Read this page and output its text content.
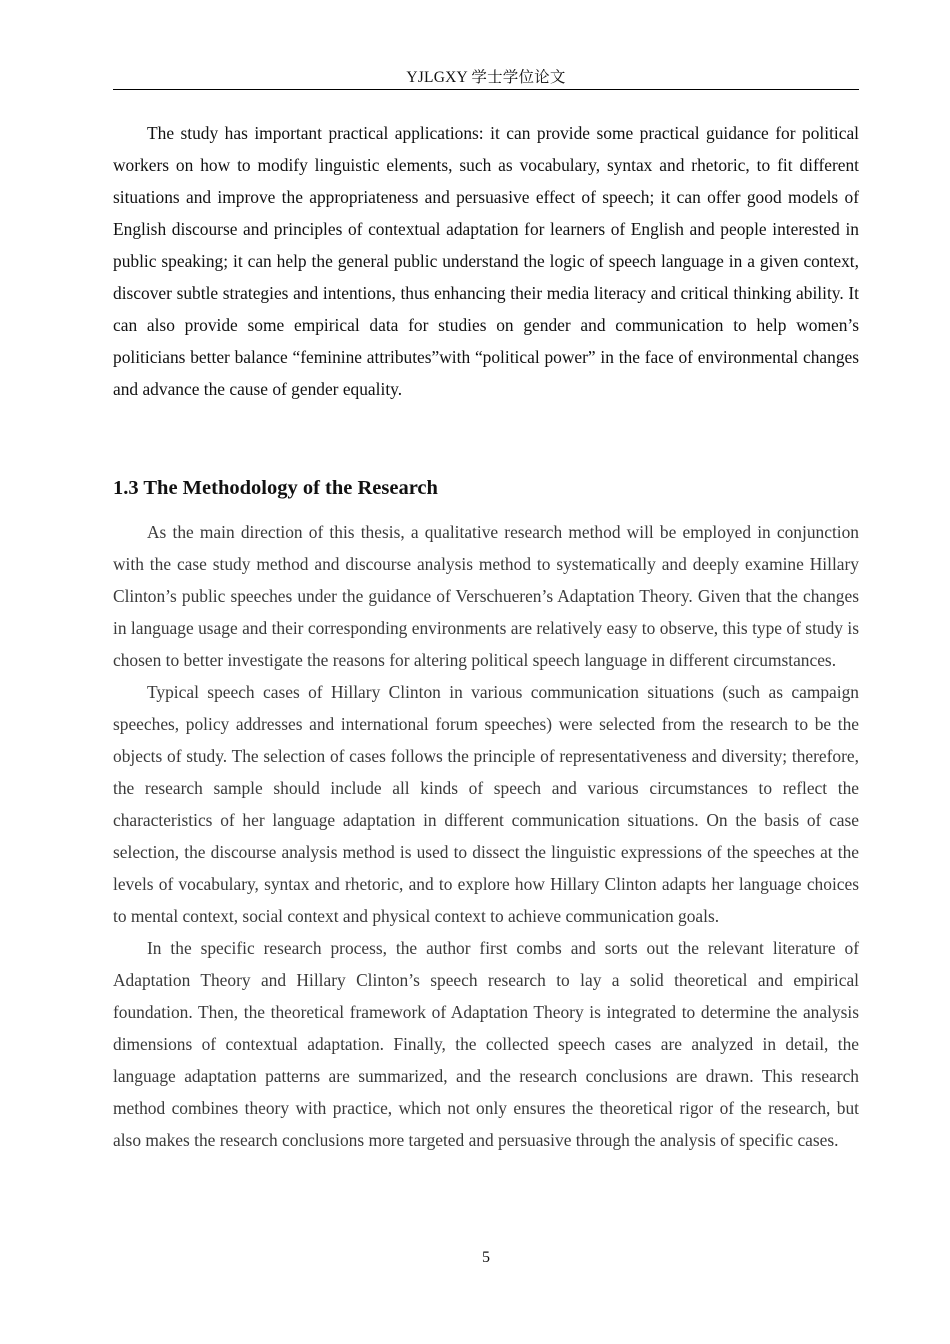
YJLGXY 学士学位论文

The study has important practical applications: it can provide some practical guidance for political workers on how to modify linguistic elements, such as vocabulary, syntax and rhetoric, to fit different situations and improve the appropriateness and persuasive effect of speech; it can offer good models of English discourse and principles of contextual adaptation for learners of English and people interested in public speaking; it can help the general public understand the logic of speech language in a given context, discover subtle strategies and intentions, thus enhancing their media literacy and critical thinking ability. It can also provide some empirical data for studies on gender and communication to help women’s politicians better balance “feminine attributes”with “political power” in the face of environmental changes and advance the cause of gender equality.

1.3 The Methodology of the Research

As the main direction of this thesis, a qualitative research method will be employed in conjunction with the case study method and discourse analysis method to systematically and deeply examine Hillary Clinton’s public speeches under the guidance of Verschueren’s Adaptation Theory. Given that the changes in language usage and their corresponding environments are relatively easy to observe, this type of study is chosen to better investigate the reasons for altering political speech language in different circumstances.

Typical speech cases of Hillary Clinton in various communication situations (such as campaign speeches, policy addresses and international forum speeches) were selected from the research to be the objects of study. The selection of cases follows the principle of representativeness and diversity; therefore, the research sample should include all kinds of speech and various circumstances to reflect the characteristics of her language adaptation in different communication situations. On the basis of case selection, the discourse analysis method is used to dissect the linguistic expressions of the speeches at the levels of vocabulary, syntax and rhetoric, and to explore how Hillary Clinton adapts her language choices to mental context, social context and physical context to achieve communication goals.

In the specific research process, the author first combs and sorts out the relevant literature of Adaptation Theory and Hillary Clinton’s speech research to lay a solid theoretical and empirical foundation. Then, the theoretical framework of Adaptation Theory is integrated to determine the analysis dimensions of contextual adaptation. Finally, the collected speech cases are analyzed in detail, the language adaptation patterns are summarized, and the research conclusions are drawn. This research method combines theory with practice, which not only ensures the theoretical rigor of the research, but also makes the research conclusions more targeted and persuasive through the analysis of specific cases.

5
